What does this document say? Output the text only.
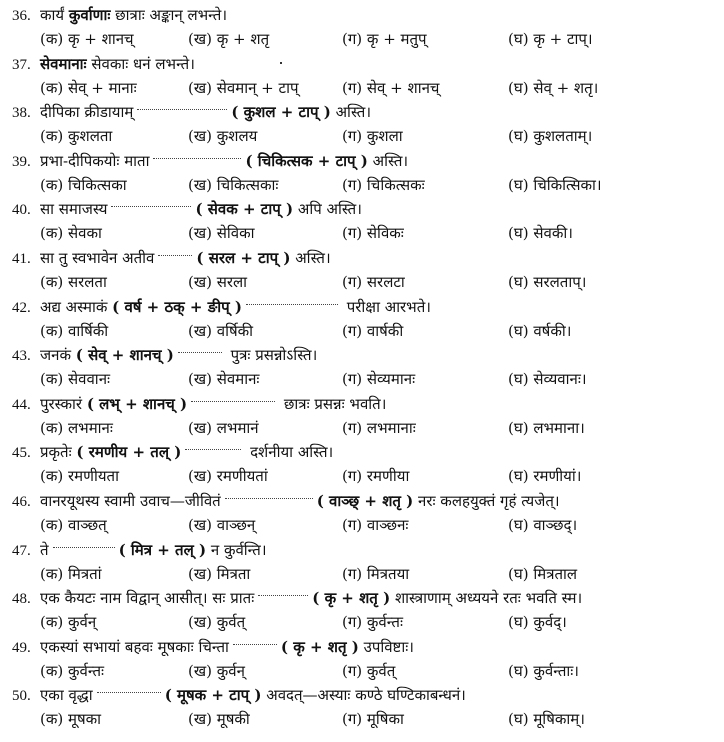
36. कार्यं कुर्वाणाः छात्राः अङ्कान् लभन्ते।
(क) कृ + शानच्	(ख) कृ + शतृ	(ग) कृ + मतुप्	(घ) कृ + टाप्।
37. सेवमानाः सेवकाः धनं लभन्ते।
(क) सेव् + मानाः	(ख) सेवमान् + टाप्	(ग) सेव् + शानच्	(घ) सेव् + शतृ।
38. दीपिका क्रीडायाम्	( कुशल + टाप् ) अस्ति।
(क) कुशलता	(ख) कुशलय	(ग) कुशला	(घ) कुशलताम्।
39. प्रभा-दीपिकयोः माता	( चिकित्सक + टाप् ) अस्ति।
(क) चिकित्सका	(ख) चिकित्सकाः	(ग) चिकित्सकः	(घ) चिकित्सिका।
40. सा समाजस्य	( सेवक + टाप् ) अपि अस्ति।
(क) सेवका	(ख) सेविका	(ग) सेविकः	(घ) सेवकी।
41. सा तु स्वभावेन अतीव	( सरल + टाप् ) अस्ति।
(क) सरलता	(ख) सरला	(ग) सरलटा	(घ) सरलताप्।
42. अद्य अस्माकं ( वर्ष + ठक् + ङीप् )	परीक्षा आरभते।
(क) वार्षिकी	(ख) वर्षिकी	(ग) वार्षकी	(घ) वर्षकी।
43. जनकं ( सेव् + शानच् )	पुत्रः प्रसन्नोऽस्ति।
(क) सेववानः	(ख) सेवमानः	(ग) सेव्यमानः	(घ) सेव्यवानः।
44. पुरस्कारं ( लभ् + शानच् )	छात्रः प्रसन्नः भवति।
(क) लभमानः	(ख) लभमानं	(ग) लभमानाः	(घ) लभमाना।
45. प्रकृतेः ( रमणीय + तल् )	दर्शनीया अस्ति।
(क) रमणीयता	(ख) रमणीयतां	(ग) रमणीया	(घ) रमणीयां।
46. वानरयूथस्य स्वामी उवाच—जीवितं	( वाञ्छ् + शतृ ) नरः कलहयुक्तं गृहं त्यजेत्।
(क) वाञ्छत्	(ख) वाञ्छन्	(ग) वाञ्छनः	(घ) वाञ्छद्।
47. ते	( मित्र + तल् ) न कुर्वन्ति।
(क) मित्रतां	(ख) मित्रता	(ग) मित्रतया	(घ) मित्रताल
48. एक कैयटः नाम विद्वान् आसीत्। सः प्रातः	( कृ + शतृ ) शास्त्राणाम् अध्ययने रतः भवति स्म।
(क) कुर्वन्	(ख) कुर्वत्	(ग) कुर्वन्तः	(घ) कुर्वद्।
49. एकस्यां सभायां बहवः मूषकाः चिन्ता	( कृ + शतृ ) उपविष्टाः।
(क) कुर्वन्तः	(ख) कुर्वन्	(ग) कुर्वत्	(घ) कुर्वन्ताः।
50. एका वृद्धा	( मूषक + टाप् ) अवदत्—अस्याः कण्ठे घण्टिकाबन्धनं।
(क) मूषका	(ख) मूषकी	(ग) मूषिका	(घ) मूषिकाम्।
